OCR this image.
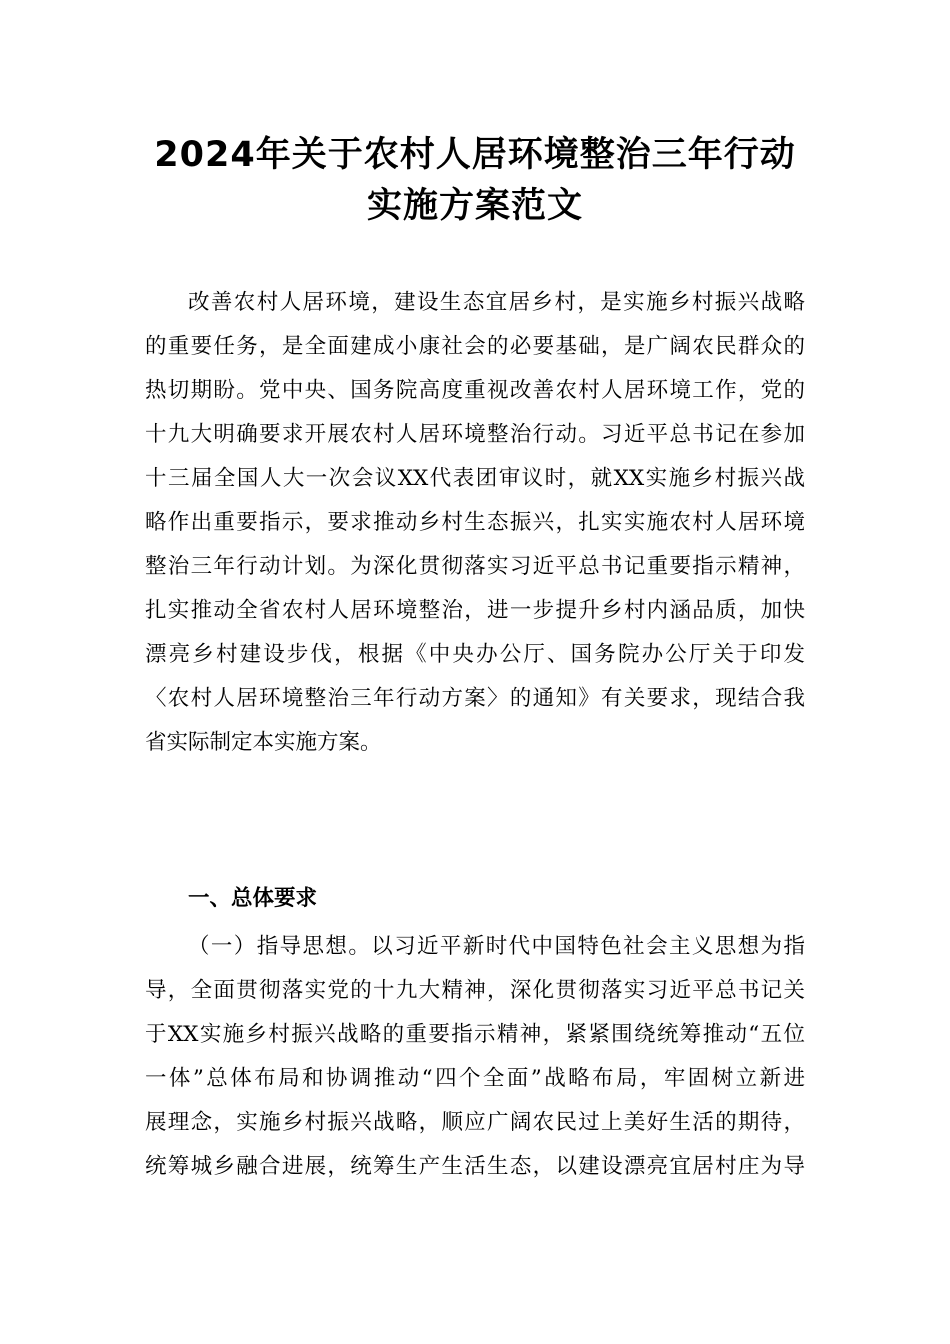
2024年关于农村人居环境整治三年行动
实施方案范文
改善农村人居环境，建设生态宜居乡村，是实施乡村振兴战略
的重要任务，是全面建成小康社会的必要基础，是广阔农民群众的
热切期盼。党中央、国务院高度重视改善农村人居环境工作，党的
十九大明确要求开展农村人居环境整治行动。习近平总书记在参加
十三届全国人大一次会议XX代表团审议时，就XX实施乡村振兴战
略作出重要指示，要求推动乡村生态振兴，扎实实施农村人居环境
整治三年行动计划。为深化贯彻落实习近平总书记重要指示精神，
扎实推动全省农村人居环境整治，进一步提升乡村内涵品质，加快
漂亮乡村建设步伐，根据《中央办公厅、国务院办公厅关于印发
〈农村人居环境整治三年行动方案〉的通知》有关要求，现结合我
省实际制定本实施方案。
一、总体要求
（一）指导思想。以习近平新时代中国特色社会主义思想为指
导，全面贯彻落实党的十九大精神，深化贯彻落实习近平总书记关
于XX实施乡村振兴战略的重要指示精神，紧紧围绕统筹推动“五位
一体”总体布局和协调推动“四个全面”战略布局，牢固树立新进
展理念，实施乡村振兴战略，顺应广阔农民过上美好生活的期待，
统筹城乡融合进展，统筹生产生活生态，以建设漂亮宜居村庄为导
